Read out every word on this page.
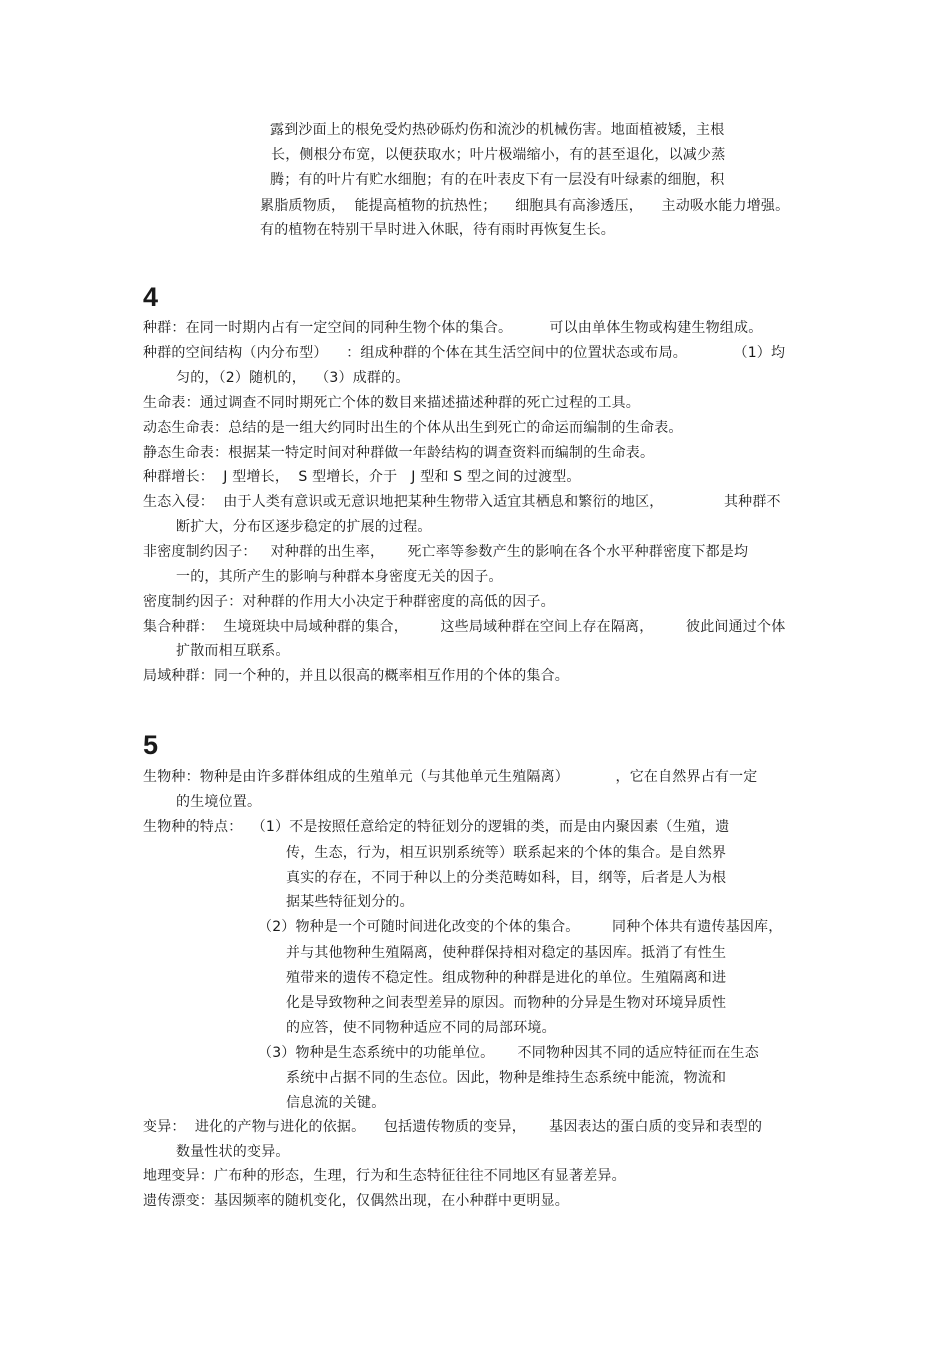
露到沙面上的根免受灼热砂砾灼伤和流沙的机械伤害。地面植被矮，主根
长，侧根分布宽，以便获取水；叶片极端缩小，有的甚至退化，以减少蒸
腾；有的叶片有贮水细胞；有的在叶表皮下有一层没有叶绿素的细胞，积
累脂质物质，  能提高植物的抗热性；    细胞具有高渗透压，    主动吸水能力增强。
有的植物在特别干旱时进入休眠，待有雨时再恢复生长。
4
种群：在同一时期内占有一定空间的同种生物个体的集合。        可以由单体生物或构建生物组成。
种群的空间结构（内分布型）    ：组成种群的个体在其生活空间中的位置状态或布局。          （1）均
匀的，（2）随机的，  （3）成群的。
生命表：通过调查不同时期死亡个体的数目来描述描述种群的死亡过程的工具。
动态生命表：总结的是一组大约同时出生的个体从出生到死亡的命运而编制的生命表。
静态生命表：根据某一特定时间对种群做一年龄结构的调查资料而编制的生命表。
种群增长：  J 型增长，  S 型增长，介于   J 型和 S 型之间的过渡型。
生态入侵：  由于人类有意识或无意识地把某种生物带入适宜其栖息和繁衍的地区，             其种群不
断扩大，分布区逐步稳定的扩展的过程。
非密度制约因子：   对种群的出生率，     死亡率等参数产生的影响在各个水平种群密度下都是均
一的，其所产生的影响与种群本身密度无关的因子。
密度制约因子：对种群的作用大小决定于种群密度的高低的因子。
集合种群：  生境斑块中局域种群的集合，       这些局域种群在空间上存在隔离，       彼此间通过个体
扩散而相互联系。
局域种群：同一个种的，并且以很高的概率相互作用的个体的集合。
5
生物种：物种是由许多群体组成的生殖单元（与其他单元生殖隔离）          ，它在自然界占有一定
的生境位置。
生物种的特点：  （1）不是按照任意给定的特征划分的逻辑的类，而是由内聚因素（生殖，遗
传，生态，行为，相互识别系统等）联系起来的个体的集合。是自然界
真实的存在，不同于种以上的分类范畴如科，目，纲等，后者是人为根
据某些特征划分的。
（2）物种是一个可随时间进化改变的个体的集合。       同种个体共有遗传基因库，
并与其他物种生殖隔离，使种群保持相对稳定的基因库。抵消了有性生
殖带来的遗传不稳定性。组成物种的种群是进化的单位。生殖隔离和进
化是导致物种之间表型差异的原因。而物种的分异是生物对环境异质性
的应答，使不同物种适应不同的局部环境。
（3）物种是生态系统中的功能单位。     不同物种因其不同的适应特征而在生态
系统中占据不同的生态位。因此，物种是维持生态系统中能流，物流和
信息流的关键。
变异：  进化的产物与进化的依据。    包括遗传物质的变异，     基因表达的蛋白质的变异和表型的
数量性状的变异。
地理变异：广布种的形态，生理，行为和生态特征往往不同地区有显著差异。
遗传漂变：基因频率的随机变化，仅偶然出现，在小种群中更明显。
